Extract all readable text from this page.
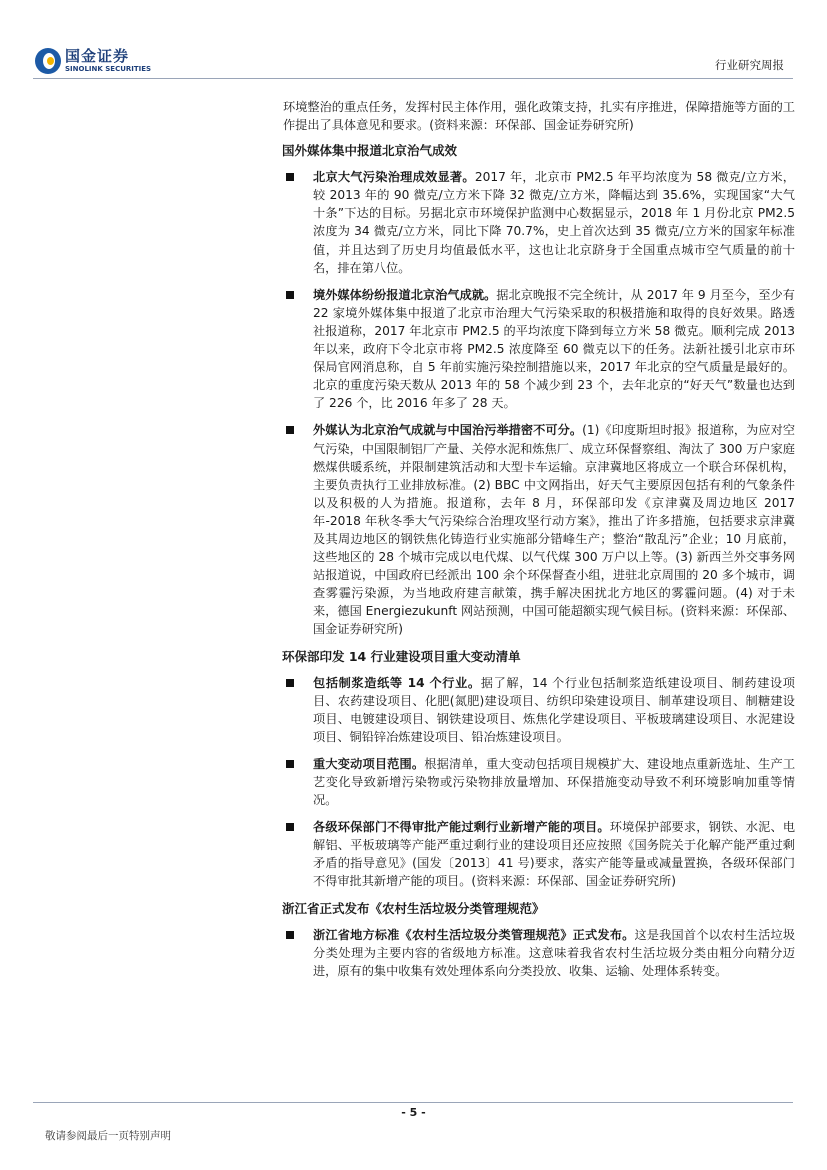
国金证券
SINOLINK SECURITIES	行业研究周报

环境整治的重点任务，发挥村民主体作用，强化政策支持，扎实有序推进，保障措施等方面的工作提出了具体意见和要求。(资料来源：环保部、国金证券研究所)

国外媒体集中报道北京治气成效
北京大气污染治理成效显著。2017 年，北京市 PM2.5 年平均浓度为 58 微克/立方米，较 2013 年的 90 微克/立方米下降 32 微克/立方米，降幅达到 35.6%，实现国家“大气十条”下达的目标。另据北京市环境保护监测中心数据显示，2018 年 1 月份北京 PM2.5 浓度为 34 微克/立方米，同比下降 70.7%，史上首次达到 35 微克/立方米的国家年标准值，并且达到了历史月均值最低水平，这也让北京跻身于全国重点城市空气质量的前十名，排在第八位。
境外媒体纷纷报道北京治气成就。据北京晚报不完全统计，从 2017 年 9 月至今，至少有 22 家境外媒体集中报道了北京市治理大气污染采取的积极措施和取得的良好效果。路透社报道称，2017 年北京市 PM2.5 的平均浓度下降到每立方米 58 微克。顺利完成 2013 年以来，政府下令北京市将 PM2.5 浓度降至 60 微克以下的任务。法新社援引北京市环保局官网消息称，自 5 年前实施污染控制措施以来，2017 年北京的空气质量是最好的。北京的重度污染天数从 2013 年的 58 个减少到 23 个，去年北京的“好天气”数量也达到了 226 个，比 2016 年多了 28 天。
外媒认为北京治气成就与中国治污举措密不可分。(1)《印度斯坦时报》报道称，为应对空气污染，中国限制铝厂产量、关停水泥和炼焦厂、成立环保督察组、淘汰了 300 万户家庭燃煤供暖系统，并限制建筑活动和大型卡车运输。京津冀地区将成立一个联合环保机构，主要负责执行工业排放标准。(2) BBC 中文网指出，好天气主要原因包括有利的气象条件以及积极的人为措施。报道称，去年 8 月，环保部印发《京津冀及周边地区 2017 年-2018 年秋冬季大气污染综合治理攻坚行动方案》，推出了许多措施，包括要求京津冀及其周边地区的钢铁焦化铸造行业实施部分错峰生产；整治“散乱污”企业；10 月底前，这些地区的 28 个城市完成以电代煤、以气代煤 300 万户以上等。(3) 新西兰外交事务网站报道说，中国政府已经派出 100 余个环保督查小组，进驻北京周围的 20 多个城市，调查雾霾污染源，为当地政府建言献策，携手解决困扰北方地区的雾霾问题。(4) 对于未来，德国 Energiezukunft 网站预测，中国可能超额实现气候目标。(资料来源：环保部、国金证券研究所)
环保部印发 14 行业建设项目重大变动清单
包括制浆造纸等 14 个行业。据了解，14 个行业包括制浆造纸建设项目、制药建设项目、农药建设项目、化肥(氮肥)建设项目、纺织印染建设项目、制革建设项目、制糖建设项目、电镀建设项目、钢铁建设项目、炼焦化学建设项目、平板玻璃建设项目、水泥建设项目、铜铅锌冶炼建设项目、铅冶炼建设项目。
重大变动项目范围。根据清单，重大变动包括项目规模扩大、建设地点重新选址、生产工艺变化导致新增污染物或污染物排放量增加、环保措施变动导致不利环境影响加重等情况。
各级环保部门不得审批产能过剩行业新增产能的项目。环境保护部要求，钢铁、水泥、电解铝、平板玻璃等产能严重过剩行业的建设项目还应按照《国务院关于化解产能严重过剩矛盾的指导意见》(国发〔2013〕41 号)要求，落实产能等量或减量置换，各级环保部门不得审批其新增产能的项目。(资料来源：环保部、国金证券研究所)
浙江省正式发布《农村生活垃圾分类管理规范》
浙江省地方标准《农村生活垃圾分类管理规范》正式发布。这是我国首个以农村生活垃圾分类处理为主要内容的省级地方标准。这意味着我省农村生活垃圾分类由粗分向精分迈进，原有的集中收集有效处理体系向分类投放、收集、运输、处理体系转变。
- 5 -
敬请参阅最后一页特别声明
